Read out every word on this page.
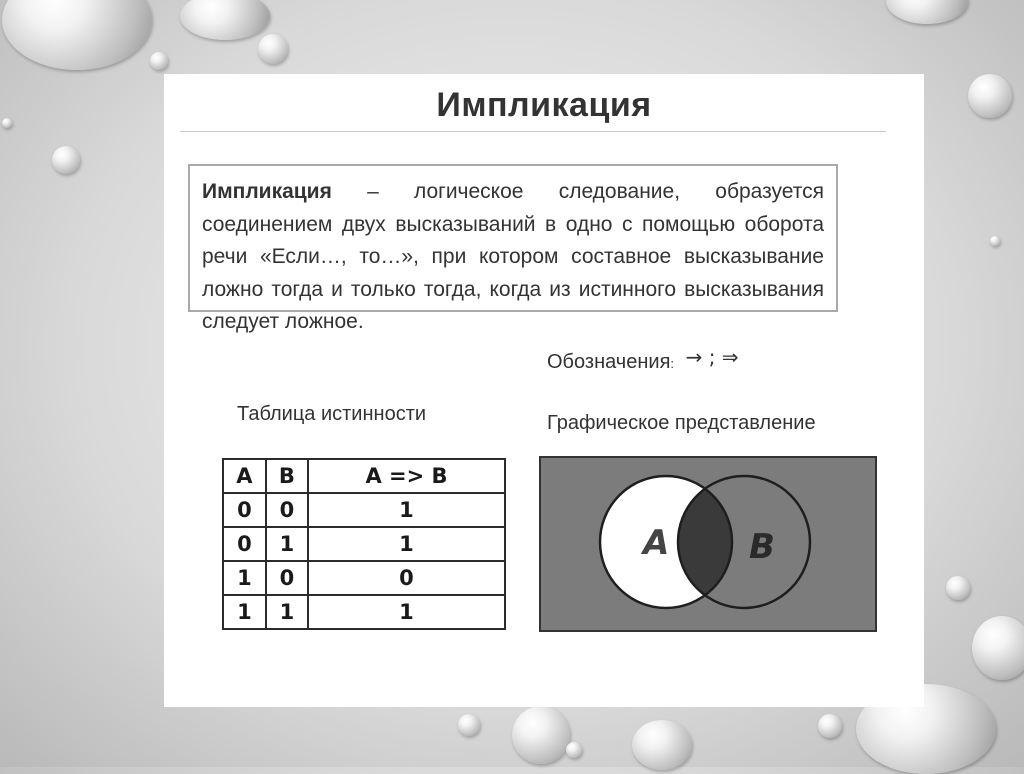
Импликация
Импликация – логическое следование, образуется соединением двух высказываний в одно с помощью оборота речи «Если…, то…», при котором составное высказывание ложно тогда и только тогда, когда из истинного высказывания следует ложное.
Обозначения: → ; ⇒
Таблица истинности	Графическое представление
A	B	A => B
0	0	1
0	1	1
1	0	0
1	1	1
A B
